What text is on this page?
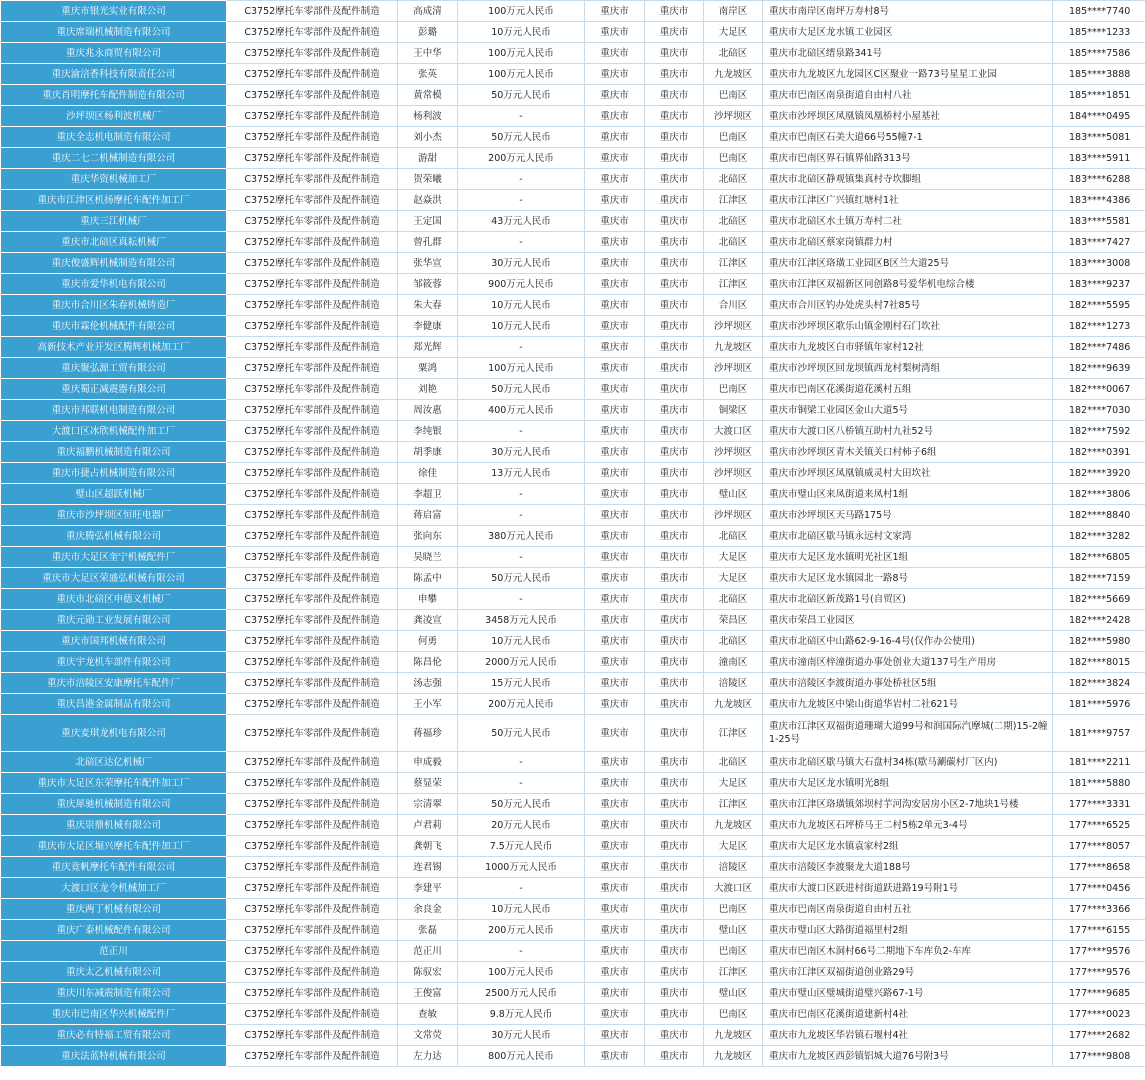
重庆市银光实业有限公司	C3752摩托车零部件及配件制造	高成清	100万元人民币	重庆市	重庆市	南岸区	重庆市南岸区南坪万寿村8号	185****7740
重庆席瑞机械制造有限公司	C3752摩托车零部件及配件制造	彭璐	10万元人民币	重庆市	重庆市	大足区	重庆市大足区龙水镇工业园区	185****1233
重庆兆永商贸有限公司	C3752摩托车零部件及配件制造	王中华	100万元人民币	重庆市	重庆市	北碚区	重庆市北碚区缙泉路341号	185****7586
重庆渝涪香科技有限责任公司	C3752摩托车零部件及配件制造	张英	100万元人民币	重庆市	重庆市	九龙坡区	重庆市九龙坡区九龙园区C区聚业一路73号星星工业园	185****3888
重庆肖明摩托车配件制造有限公司	C3752摩托车零部件及配件制造	黄常模	50万元人民币	重庆市	重庆市	巴南区	重庆市巴南区南泉街道自由村八社	185****1851
沙坪坝区杨利波机械厂	C3752摩托车零部件及配件制造	杨利波	-	重庆市	重庆市	沙坪坝区	重庆市沙坪坝区凤凰镇凤凰桥村小屋基社	184****0495
重庆全志机电制造有限公司	C3752摩托车零部件及配件制造	刘小杰	50万元人民币	重庆市	重庆市	巴南区	重庆市巴南区石美大道66号55幢7-1	183****5081
重庆二七二机械制造有限公司	C3752摩托车零部件及配件制造	游甜	200万元人民币	重庆市	重庆市	巴南区	重庆市巴南区界石镇界仙路313号	183****5911
重庆华资机械加工厂	C3752摩托车零部件及配件制造	贺荣曦	-	重庆市	重庆市	北碚区	重庆市北碚区静观镇集真村寺坎脚组	183****6288
重庆市江津区机扬摩托车配件加工厂	C3752摩托车零部件及配件制造	赵焱洪	-	重庆市	重庆市	江津区	重庆市江津区广兴镇红塘村1社	183****4386
重庆三江机械厂	C3752摩托车零部件及配件制造	王定国	43万元人民币	重庆市	重庆市	北碚区	重庆市北碚区水土镇万寿村二社	183****5581
重庆市北碚区真耘机械厂	C3752摩托车零部件及配件制造	曾孔群	-	重庆市	重庆市	北碚区	重庆市北碚区蔡家岗镇群力村	183****7427
重庆俊盛辉机械制造有限公司	C3752摩托车零部件及配件制造	张华宣	30万元人民币	重庆市	重庆市	江津区	重庆市江津区珞璜工业园区B区兰大道25号	183****3008
重庆市爱华机电有限公司	C3752摩托车零部件及配件制造	邹筱蓉	900万元人民币	重庆市	重庆市	江津区	重庆市江津区双福新区同创路8号爱华机电综合楼	183****9237
重庆市合川区朱春机械铸造厂	C3752摩托车零部件及配件制造	朱大春	10万元人民币	重庆市	重庆市	合川区	重庆市合川区钓办处虎头村7社85号	182****5595
重庆市霖伦机械配件有限公司	C3752摩托车零部件及配件制造	李健康	10万元人民币	重庆市	重庆市	沙坪坝区	重庆市沙坪坝区歌乐山镇金刚村石门坎社	182****1273
高新技术产业开发区腾辉机械加工厂	C3752摩托车零部件及配件制造	郑光辉	-	重庆市	重庆市	九龙坡区	重庆市九龙坡区白市驿镇年家村12社	182****7486
重庆聚弘源工贸有限公司	C3752摩托车零部件及配件制造	粟鸿	100万元人民币	重庆市	重庆市	沙坪坝区	重庆市沙坪坝区回龙坝镇西龙村梨树湾组	182****9639
重庆蜀正减震器有限公司	C3752摩托车零部件及配件制造	刘艳	50万元人民币	重庆市	重庆市	巴南区	重庆市巴南区花溪街道花溪村五组	182****0067
重庆市邦联机电制造有限公司	C3752摩托车零部件及配件制造	周汝惠	400万元人民币	重庆市	重庆市	铜梁区	重庆市铜梁工业园区金山大道5号	182****7030
大渡口区冰欣机械配件加工厂	C3752摩托车零部件及配件制造	李纯银	-	重庆市	重庆市	大渡口区	重庆市大渡口区八桥镇互助村九社52号	182****7592
重庆福鹏机械制造有限公司	C3752摩托车零部件及配件制造	胡季康	30万元人民币	重庆市	重庆市	沙坪坝区	重庆市沙坪坝区青木关镇关口村柿子6组	182****0391
重庆市捷占机械制造有限公司	C3752摩托车零部件及配件制造	徐佳	13万元人民币	重庆市	重庆市	沙坪坝区	重庆市沙坪坝区凤凰镇威灵村大田坎社	182****3920
璧山区超跃机械厂	C3752摩托车零部件及配件制造	李超卫	-	重庆市	重庆市	璧山区	重庆市璧山区来凤街道来凤村1组	182****3806
重庆市沙坪坝区恒旺电器厂	C3752摩托车零部件及配件制造	蒋启富	-	重庆市	重庆市	沙坪坝区	重庆市沙坪坝区天马路175号	182****8840
重庆腾弘机械有限公司	C3752摩托车零部件及配件制造	张向东	380万元人民币	重庆市	重庆市	北碚区	重庆市北碚区歇马镇永远村文家湾	182****3282
重庆市大足区奎宁机械配件厂	C3752摩托车零部件及配件制造	吴晓兰	-	重庆市	重庆市	大足区	重庆市大足区龙水镇明光社区1组	182****6805
重庆市大足区荣盛弘机械有限公司	C3752摩托车零部件及配件制造	陈孟中	50万元人民币	重庆市	重庆市	大足区	重庆市大足区龙水镇园北一路8号	182****7159
重庆市北碚区申德义机械厂	C3752摩托车零部件及配件制造	申攀	-	重庆市	重庆市	北碚区	重庆市北碚区新茂路1号(自贸区)	182****5669
重庆元勋工业发展有限公司	C3752摩托车零部件及配件制造	龚凌宣	3458万元人民币	重庆市	重庆市	荣昌区	重庆市荣昌工业园区	182****2428
重庆市国邦机械有限公司	C3752摩托车零部件及配件制造	何勇	10万元人民币	重庆市	重庆市	北碚区	重庆市北碚区中山路62-9-16-4号(仅作办公使用)	182****5980
重庆宇龙机车部件有限公司	C3752摩托车零部件及配件制造	陈昌伦	2000万元人民币	重庆市	重庆市	潼南区	重庆市潼南区梓潼街道办事处创业大道137号生产用房	182****8015
重庆市涪陵区安康摩托车配件厂	C3752摩托车零部件及配件制造	汤志强	15万元人民币	重庆市	重庆市	涪陵区	重庆市涪陵区李渡街道办事处桥社区5组	182****3824
重庆昌港金属制品有限公司	C3752摩托车零部件及配件制造	王小军	200万元人民币	重庆市	重庆市	九龙坡区	重庆市九龙坡区中梁山街道华岩村二社621号	181****5976
重庆麦琪龙机电有限公司	C3752摩托车零部件及配件制造	蒋福珍	50万元人民币	重庆市	重庆市	江津区	重庆市江津区双福街道珊瑚大道99号和润国际汽摩城(二期)15-2幢1-25号	181****9757
北碚区达亿机械厂	C3752摩托车零部件及配件制造	申成毅	-	重庆市	重庆市	北碚区	重庆市北碚区歇马镇大石盘村34栋(歇马涮碳村厂区内)	181****2211
重庆市大足区东荣摩托车配件加工厂	C3752摩托车零部件及配件制造	蔡显荣	-	重庆市	重庆市	大足区	重庆市大足区龙水镇明光8组	181****5880
重庆犀驰机械制造有限公司	C3752摩托车零部件及配件制造	宗清翠	50万元人民币	重庆市	重庆市	江津区	重庆市江津区珞璜镇郊坝村芋河沟安居房小区2-7地块1号楼	177****3331
重庆崇鼎机械有限公司	C3752摩托车零部件及配件制造	卢君莉	20万元人民币	重庆市	重庆市	九龙坡区	重庆市九龙坡区石坪桥马王二村5栋2单元3-4号	177****6525
重庆市大足区堀兴摩托车配件加工厂	C3752摩托车零部件及配件制造	龚朝飞	7.5万元人民币	重庆市	重庆市	大足区	重庆市大足区龙水镇袁家村2组	177****8057
重庆竟帆摩托车配件有限公司	C3752摩托车零部件及配件制造	连君锡	1000万元人民币	重庆市	重庆市	涪陵区	重庆市涪陵区李渡聚龙大道188号	177****8658
大渡口区龙令机械加工厂	C3752摩托车零部件及配件制造	李建平	-	重庆市	重庆市	大渡口区	重庆市大渡口区跃进村街道跃进路19号附1号	177****0456
重庆两丁机械有限公司	C3752摩托车零部件及配件制造	余良金	10万元人民币	重庆市	重庆市	巴南区	重庆市巴南区南泉街道自由村五社	177****3366
重庆广泰机械配件有限公司	C3752摩托车零部件及配件制造	张磊	200万元人民币	重庆市	重庆市	璧山区	重庆市璧山区大路街道福里村2组	177****6155
范正川	C3752摩托车零部件及配件制造	范正川	-	重庆市	重庆市	巴南区	重庆市巴南区木洞村66号二期地下车库负2-车库	177****9576
重庆太乙机械有限公司	C3752摩托车零部件及配件制造	陈驭宏	100万元人民币	重庆市	重庆市	江津区	重庆市江津区双福街道创业路29号	177****9576
重庆川东减震制造有限公司	C3752摩托车零部件及配件制造	王俊富	2500万元人民币	重庆市	重庆市	璧山区	重庆市璧山区璧城街道璧兴路67-1号	177****9685
重庆市巴南区华兴机械配件厂	C3752摩托车零部件及配件制造	查敏	9.8万元人民币	重庆市	重庆市	巴南区	重庆市巴南区花溪街道建新村4社	177****0023
重庆必有特福工贸有限公司	C3752摩托车零部件及配件制造	文常荧	30万元人民币	重庆市	重庆市	九龙坡区	重庆市九龙坡区华岩镇石堰村4社	177****2682
重庆法蓝特机械有限公司	C3752摩托车零部件及配件制造	左力达	800万元人民币	重庆市	重庆市	九龙坡区	重庆市九龙坡区西彭镇铝城大道76号附3号	177****9808
